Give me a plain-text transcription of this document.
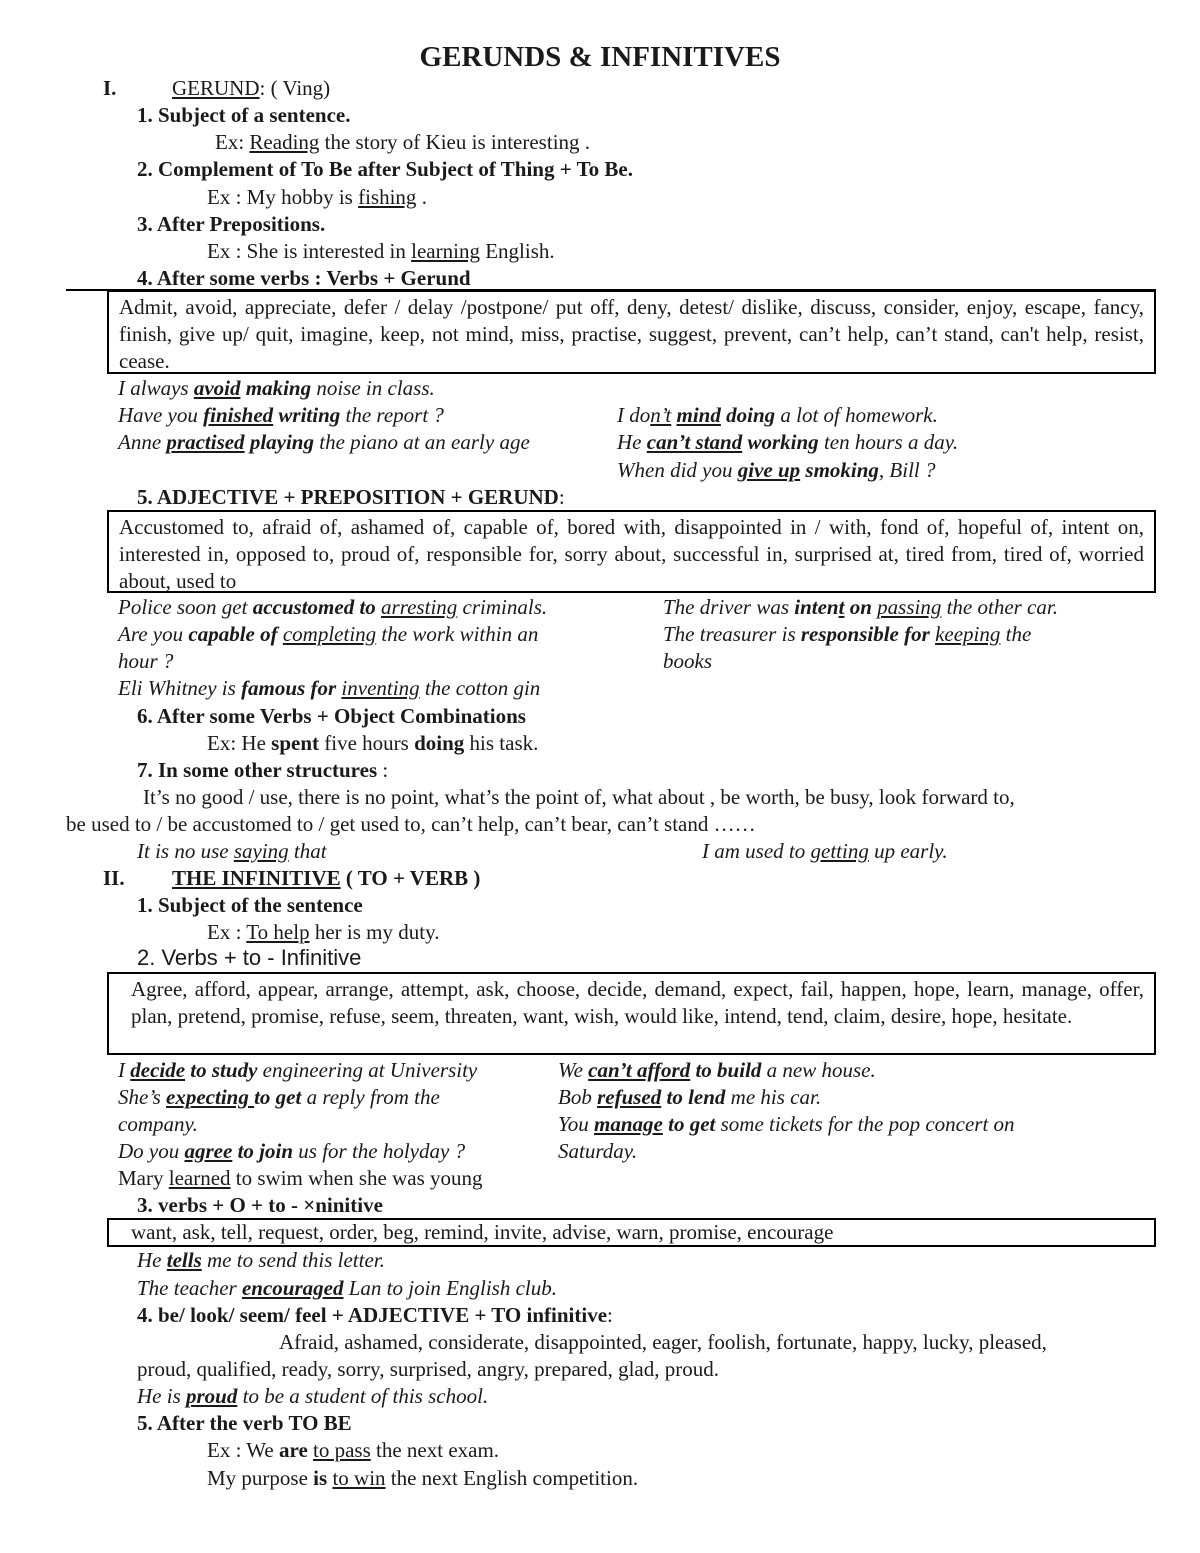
GERUNDS & INFINITIVES
I.	GERUND: ( Ving)
1. Subject of a sentence.
Ex: Reading the story of Kieu is interesting .
2. Complement of To Be after Subject of Thing + To Be.
Ex : My hobby is fishing .
3. After Prepositions.
Ex : She is interested in learning English.
4. After some verbs : Verbs + Gerund
Admit, avoid, appreciate, defer / delay /postpone/ put off, deny, detest/ dislike, discuss, consider, enjoy, escape, fancy, finish, give up/ quit, imagine, keep, not mind, miss, practise, suggest, prevent, can’t help, can’t stand, can't help, resist, cease.
I always avoid making noise in class.
Have you finished writing the report ?
Anne practised playing the piano at an early age
I don’t mind doing a lot of homework.
He can’t stand working ten hours a day.
When did you give up smoking, Bill ?
5. ADJECTIVE + PREPOSITION + GERUND:
Accustomed to, afraid of, ashamed of, capable of, bored with, disappointed in / with, fond of, hopeful of, intent on, interested in, opposed to, proud of, responsible for, sorry about, successful in, surprised at, tired from, tired of, worried about, used to
Police soon get accustomed to arresting criminals.
Are you capable of completing the work within an
hour ?
Eli Whitney is famous for inventing the cotton gin
The driver was intent on passing the other car.
The treasurer is responsible for keeping the
books
6. After some Verbs + Object Combinations
Ex: He spent five hours doing his task.
7. In some other structures :
It’s no good / use, there is no point, what’s the point of, what about , be worth, be busy, look forward to,
be used to / be accustomed to / get used to, can’t help, can’t bear, can’t stand ……
It is no use saying that	I am used to getting up early.
II. THE INFINITIVE ( TO + VERB )
1. Subject of the sentence
Ex : To help her is my duty.
2. Verbs + to - Infinitive
Agree, afford, appear, arrange, attempt, ask, choose, decide, demand, expect, fail, happen, hope, learn, manage, offer, plan, pretend, promise, refuse, seem, threaten, want, wish, would like, intend, tend, claim, desire, hope, hesitate.
I decide to study engineering at University
She’s expecting to get a reply from the
company.
Do you agree to join us for the holyday ?
Mary learned to swim when she was young
We can’t afford to build a new house.
Bob refused to lend me his car.
You manage to get some tickets for the pop concert on
Saturday.
3. verbs + O + to - ×ninitive
want, ask, tell, request, order, beg, remind, invite, advise, warn, promise, encourage
He tells me to send this letter.
The teacher encouraged Lan to join English club.
4. be/ look/ seem/ feel + ADJECTIVE + TO infinitive:
Afraid, ashamed, considerate, disappointed, eager, foolish, fortunate, happy, lucky, pleased,
proud, qualified, ready, sorry, surprised, angry, prepared, glad, proud.
He is proud to be a student of this school.
5. After the verb TO BE
Ex : We are to pass the next exam.
My purpose is to win the next English competition.
